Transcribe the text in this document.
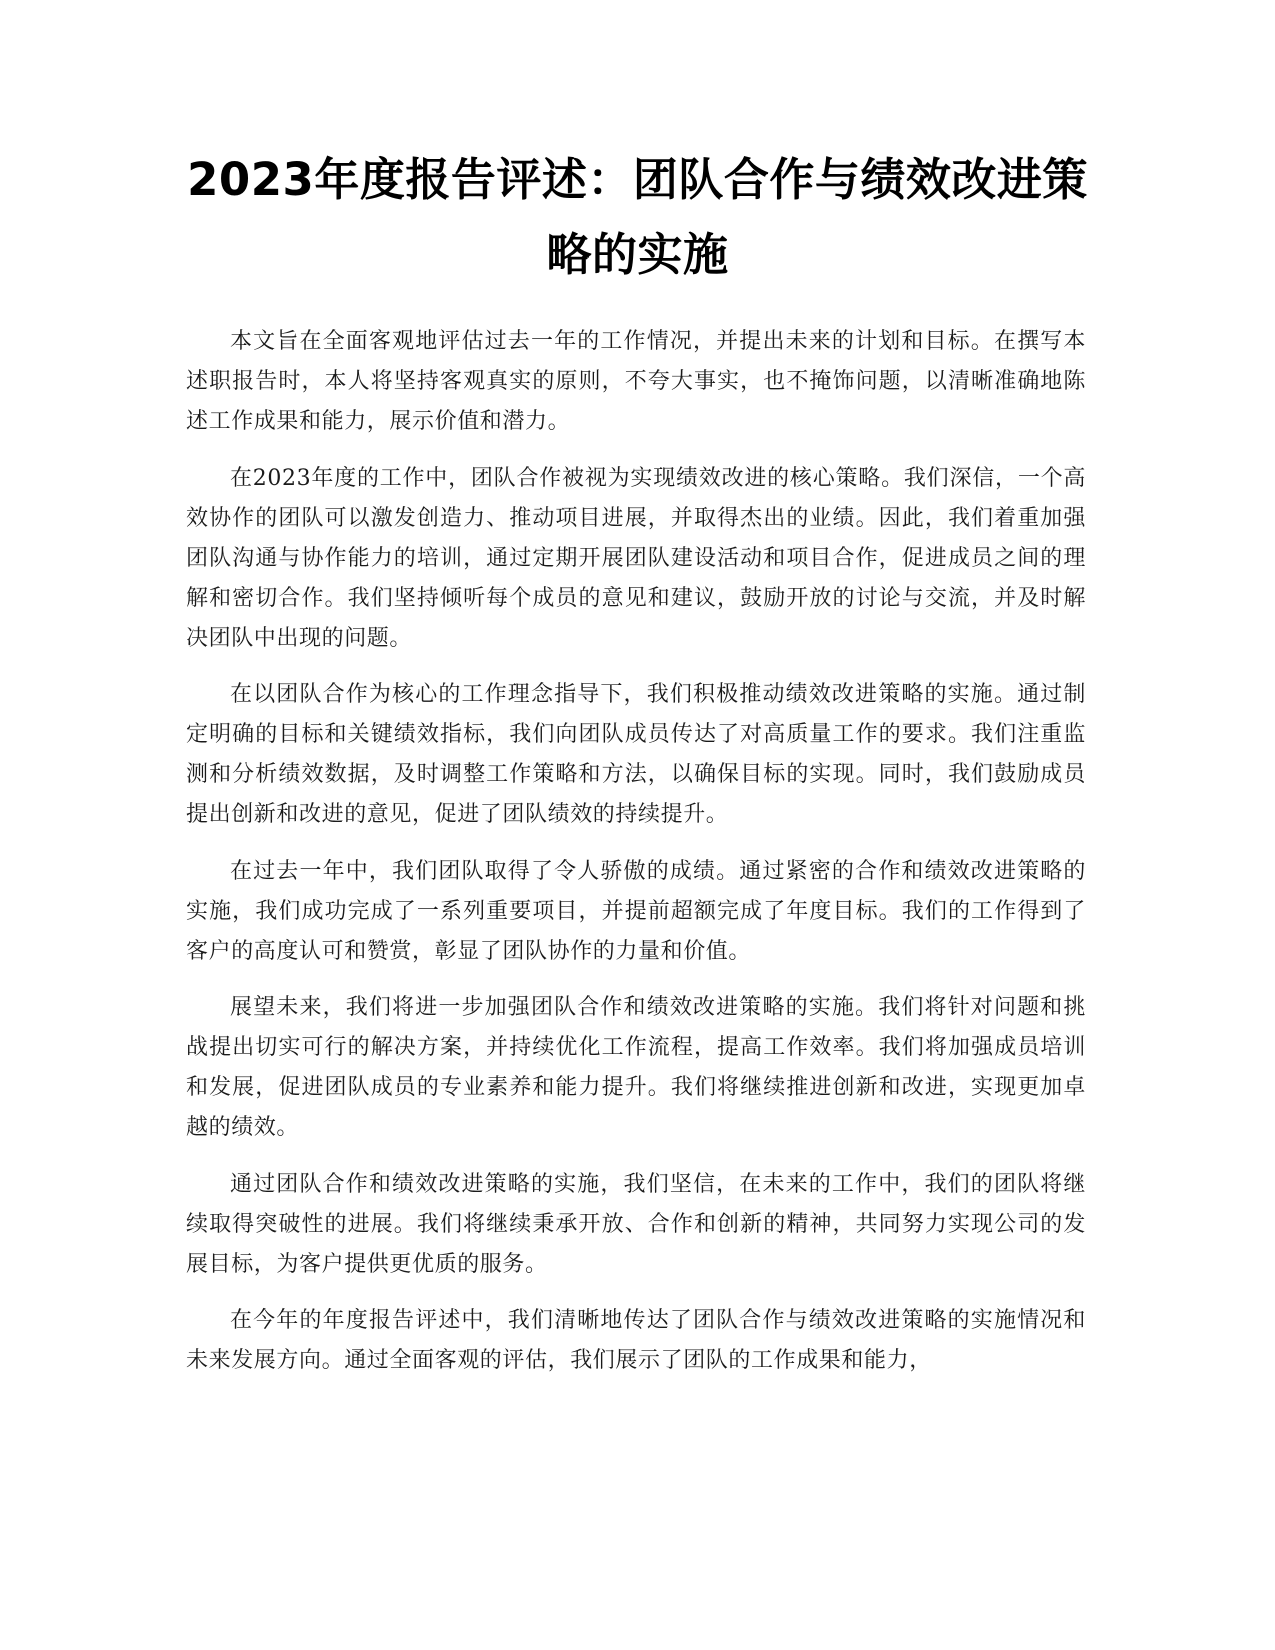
2023年度报告评述：团队合作与绩效改进策略的实施

本文旨在全面客观地评估过去一年的工作情况，并提出未来的计划和目标。在撰写本述职报告时，本人将坚持客观真实的原则，不夸大事实，也不掩饰问题，以清晰准确地陈述工作成果和能力，展示价值和潜力。

在2023年度的工作中，团队合作被视为实现绩效改进的核心策略。我们深信，一个高效协作的团队可以激发创造力、推动项目进展，并取得杰出的业绩。因此，我们着重加强团队沟通与协作能力的培训，通过定期开展团队建设活动和项目合作，促进成员之间的理解和密切合作。我们坚持倾听每个成员的意见和建议，鼓励开放的讨论与交流，并及时解决团队中出现的问题。

在以团队合作为核心的工作理念指导下，我们积极推动绩效改进策略的实施。通过制定明确的目标和关键绩效指标，我们向团队成员传达了对高质量工作的要求。我们注重监测和分析绩效数据，及时调整工作策略和方法，以确保目标的实现。同时，我们鼓励成员提出创新和改进的意见，促进了团队绩效的持续提升。

在过去一年中，我们团队取得了令人骄傲的成绩。通过紧密的合作和绩效改进策略的实施，我们成功完成了一系列重要项目，并提前超额完成了年度目标。我们的工作得到了客户的高度认可和赞赏，彰显了团队协作的力量和价值。

展望未来，我们将进一步加强团队合作和绩效改进策略的实施。我们将针对问题和挑战提出切实可行的解决方案，并持续优化工作流程，提高工作效率。我们将加强成员培训和发展，促进团队成员的专业素养和能力提升。我们将继续推进创新和改进，实现更加卓越的绩效。

通过团队合作和绩效改进策略的实施，我们坚信，在未来的工作中，我们的团队将继续取得突破性的进展。我们将继续秉承开放、合作和创新的精神，共同努力实现公司的发展目标，为客户提供更优质的服务。

在今年的年度报告评述中，我们清晰地传达了团队合作与绩效改进策略的实施情况和未来发展方向。通过全面客观的评估，我们展示了团队的工作成果和能力，
